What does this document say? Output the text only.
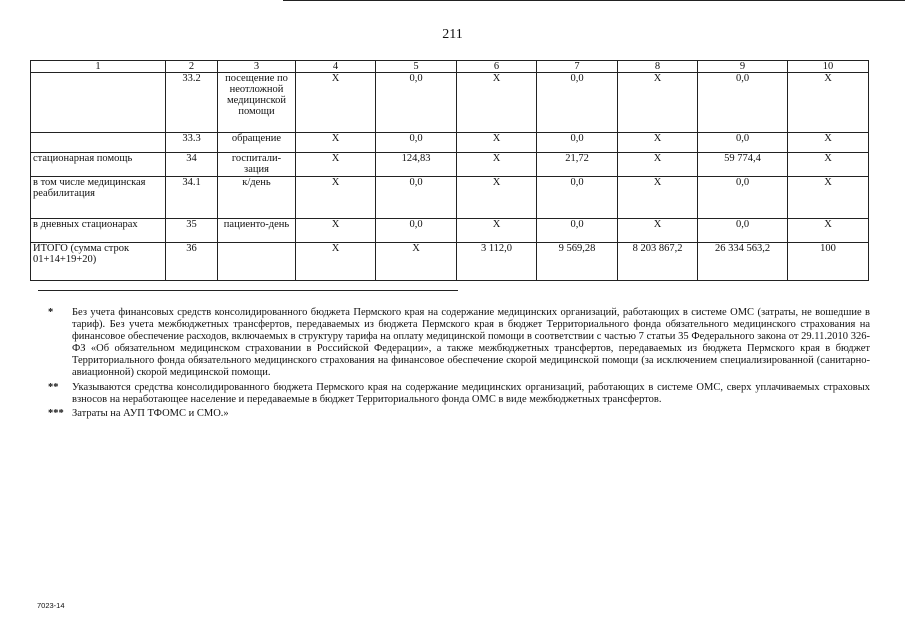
211
1	2	3	4	5	6	7	8	9	10
	33.2	посещение по неотложной медицинской помощи	Х	0,0	Х	0,0	Х	0,0	Х
	33.3	обращение	Х	0,0	Х	0,0	Х	0,0	Х
стационарная помощь	34	госпитали-зация	Х	124,83	Х	21,72	Х	59 774,4	Х
в том числе медицинская реабилитация	34.1	к/день	Х	0,0	Х	0,0	Х	0,0	Х
в дневных стационарах	35	пациенто-день	Х	0,0	Х	0,0	Х	0,0	Х
ИТОГО (сумма строк 01+14+19+20)	36		Х	Х	3 112,0	9 569,28	8 203 867,2	26 334 563,2	100
*	Без учета финансовых средств консолидированного бюджета Пермского края на содержание медицинских организаций, работающих в системе ОМС (затраты, не вошедшие в тариф). Без учета межбюджетных трансфертов, передаваемых из бюджета Пермского края в бюджет Территориального фонда обязательного медицинского страхования на финансовое обеспечение расходов, включаемых в структуру тарифа на оплату медицинской помощи в соответствии с частью 7 статьи 35 Федерального закона от 29.11.2010 326-ФЗ «Об обязательном медицинском страховании в Российской Федерации», а также межбюджетных трансфертов, передаваемых из бюджета Пермского края в бюджет Территориального фонда обязательного медицинского страхования на финансовое обеспечение скорой медицинской помощи (за исключением специализированной (санитарно-авиационной) скорой медицинской помощи.
**	Указываются средства консолидированного бюджета Пермского края на содержание медицинских организаций, работающих в системе ОМС, сверх уплачиваемых страховых взносов на неработающее население и передаваемые в бюджет Территориального фонда ОМС в виде межбюджетных трансфертов.
*** Затраты на АУП ТФОМС и СМО.»
7023-14
